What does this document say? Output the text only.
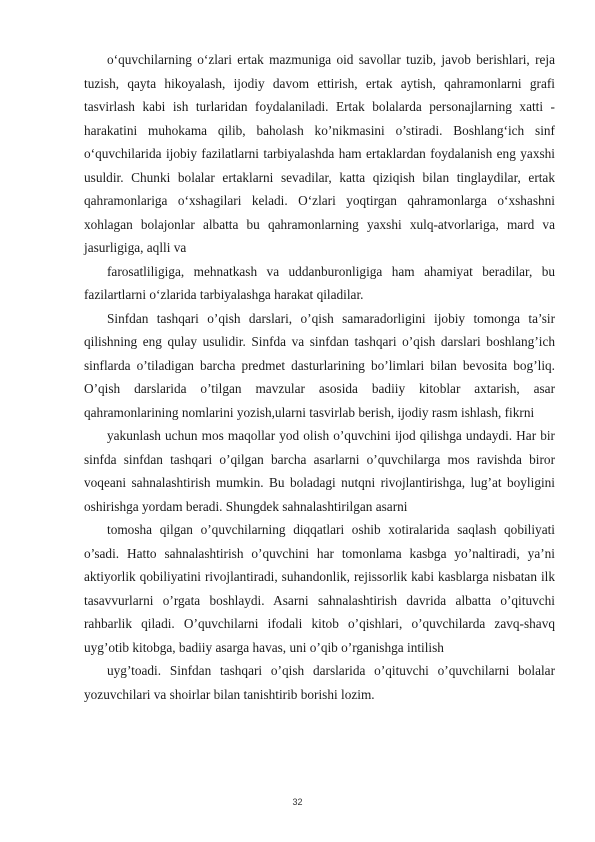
o‘quvchilarning o‘zlari ertak mazmuniga oid savollar tuzib, javob berishlari, reja tuzish, qayta hikoyalash, ijodiy davom ettirish, ertak aytish, qahramonlarni grafi tasvirlash kabi ish turlaridan foydalaniladi. Ertak bolalarda personajlarning xatti - harakatini muhokama qilib, baholash ko’nikmasini o’stiradi. Boshlang‘ich sinf o‘quvchilarida ijobiy fazilatlarni tarbiyalashda ham ertaklardan foydalanish eng yaxshi usuldir. Chunki bolalar ertaklarni sevadilar, katta qiziqish bilan tinglaydilar, ertak qahramonlariga o‘xshagilari keladi. O‘zlari yoqtirgan qahramonlarga o‘xshashni xohlagan bolajonlar albatta bu qahramonlarning yaxshi xulq-atvorlariga, mard va jasurligiga, aqlli va

farosatliligiga, mehnatkash va uddanburonligiga ham ahamiyat beradilar, bu fazilartlarni o‘zlarida tarbiyalashga harakat qiladilar.

Sinfdan tashqari o’qish darslari, o’qish samaradorligini ijobiy tomonga ta’sir qilishning eng qulay usulidir. Sinfda va sinfdan tashqari o’qish darslari boshlang’ich sinflarda o’tiladigan barcha predmet dasturlarining bo’limlari bilan bevosita bog’liq. O’qish darslarida o’tilgan mavzular asosida badiiy kitoblar axtarish, asar qahramonlarining nomlarini yozish,ularni tasvirlab berish, ijodiy rasm ishlash, fikrni

yakunlash uchun mos maqollar yod olish o’quvchini ijod qilishga undaydi. Har bir sinfda sinfdan tashqari o’qilgan barcha asarlarni o’quvchilarga mos ravishda biror voqeani sahnalashtirish mumkin. Bu boladagi nutqni rivojlantirishga, lug’at boyligini oshirishga yordam beradi. Shungdek sahnalashtirilgan asarni

tomosha qilgan o’quvchilarning diqqatlari oshib xotiralarida saqlash qobiliyati o’sadi. Hatto sahnalashtirish o’quvchini har tomonlama kasbga yo’naltiradi, ya’ni aktiyorlik qobiliyatini rivojlantiradi, suhandonlik, rejissorlik kabi kasblarga nisbatan ilk tasavvurlarni o’rgata boshlaydi. Asarni sahnalashtirish davrida albatta o’qituvchi rahbarlik qiladi. O’quvchilarni ifodali kitob o’qishlari, o’quvchilarda zavq-shavq uyg’otib kitobga, badiiy asarga havas, uni o’qib o’rganishga intilish

uyg’toadi. Sinfdan tashqari o’qish darslarida o’qituvchi o’quvchilarni bolalar yozuvchilari va shoirlar bilan tanishtirib borishi lozim.

32
